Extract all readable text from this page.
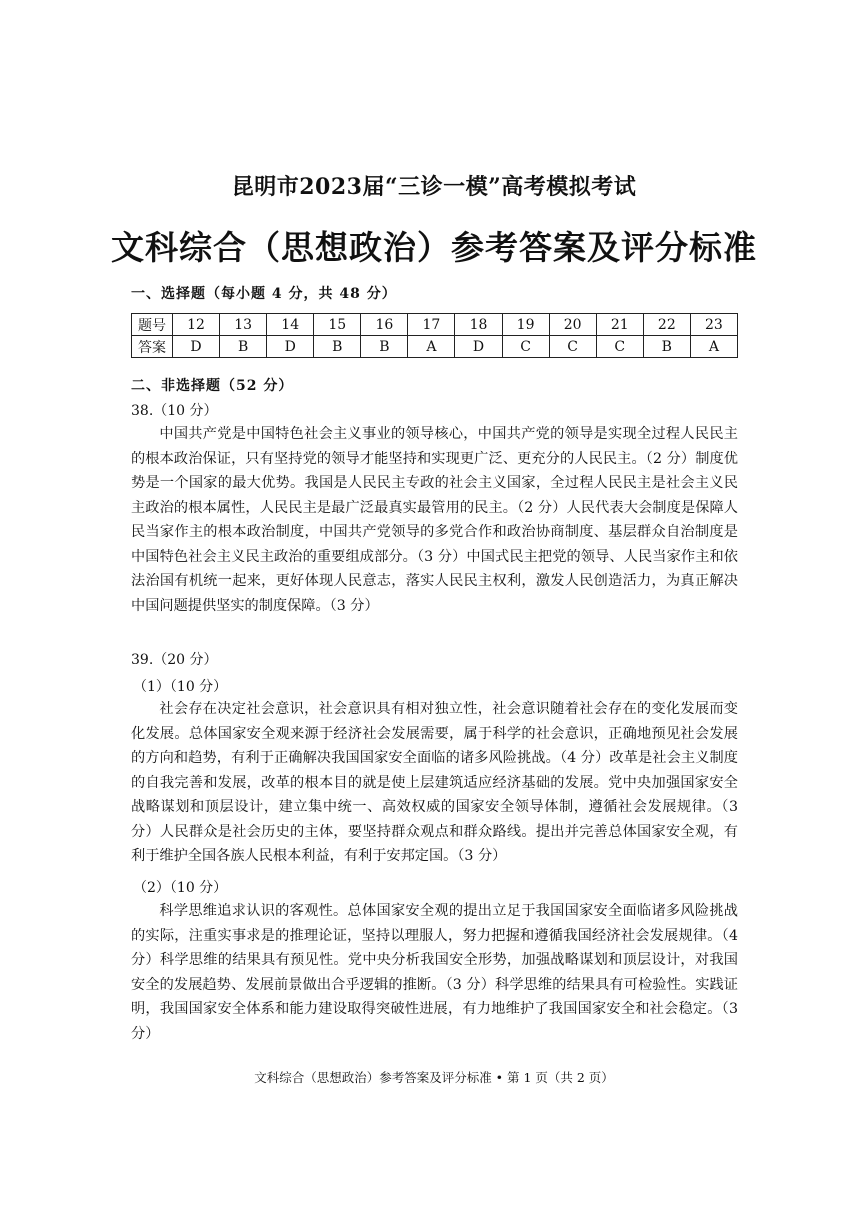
昆明市2023届“三诊一模”高考模拟考试
文科综合（思想政治）参考答案及评分标准
一、选择题（每小题 4 分，共 48 分）
题号	12	13	14	15	16	17	18	19	20	21	22	23
答案	D	B	D	B	B	A	D	C	C	C	B	A
二、非选择题（52 分）
38.（10 分）

中国共产党是中国特色社会主义事业的领导核心，中国共产党的领导是实现全过程人民民主的根本政治保证，只有坚持党的领导才能坚持和实现更广泛、更充分的人民民主。（2 分）制度优势是一个国家的最大优势。我国是人民民主专政的社会主义国家，全过程人民民主是社会主义民主政治的根本属性，人民民主是最广泛最真实最管用的民主。（2 分）人民代表大会制度是保障人民当家作主的根本政治制度，中国共产党领导的多党合作和政治协商制度、基层群众自治制度是中国特色社会主义民主政治的重要组成部分。（3 分）中国式民主把党的领导、人民当家作主和依法治国有机统一起来，更好体现人民意志，落实人民民主权利，激发人民创造活力，为真正解决中国问题提供坚实的制度保障。（3 分）

39.（20 分）
（1）（10 分）

社会存在决定社会意识，社会意识具有相对独立性，社会意识随着社会存在的变化发展而变化发展。总体国家安全观来源于经济社会发展需要，属于科学的社会意识，正确地预见社会发展的方向和趋势，有利于正确解决我国国家安全面临的诸多风险挑战。（4 分）改革是社会主义制度的自我完善和发展，改革的根本目的就是使上层建筑适应经济基础的发展。党中央加强国家安全战略谋划和顶层设计，建立集中统一、高效权威的国家安全领导体制，遵循社会发展规律。（3 分）人民群众是社会历史的主体，要坚持群众观点和群众路线。提出并完善总体国家安全观，有利于维护全国各族人民根本利益，有利于安邦定国。（3 分）

（2）（10 分）

科学思维追求认识的客观性。总体国家安全观的提出立足于我国国家安全面临诸多风险挑战的实际，注重实事求是的推理论证，坚持以理服人，努力把握和遵循我国经济社会发展规律。（4 分）科学思维的结果具有预见性。党中央分析我国安全形势，加强战略谋划和顶层设计，对我国安全的发展趋势、发展前景做出合乎逻辑的推断。（3 分）科学思维的结果具有可检验性。实践证明，我国国家安全体系和能力建设取得突破性进展，有力地维护了我国国家安全和社会稳定。（3 分）

文科综合（思想政治）参考答案及评分标准 • 第 1 页（共 2 页）
